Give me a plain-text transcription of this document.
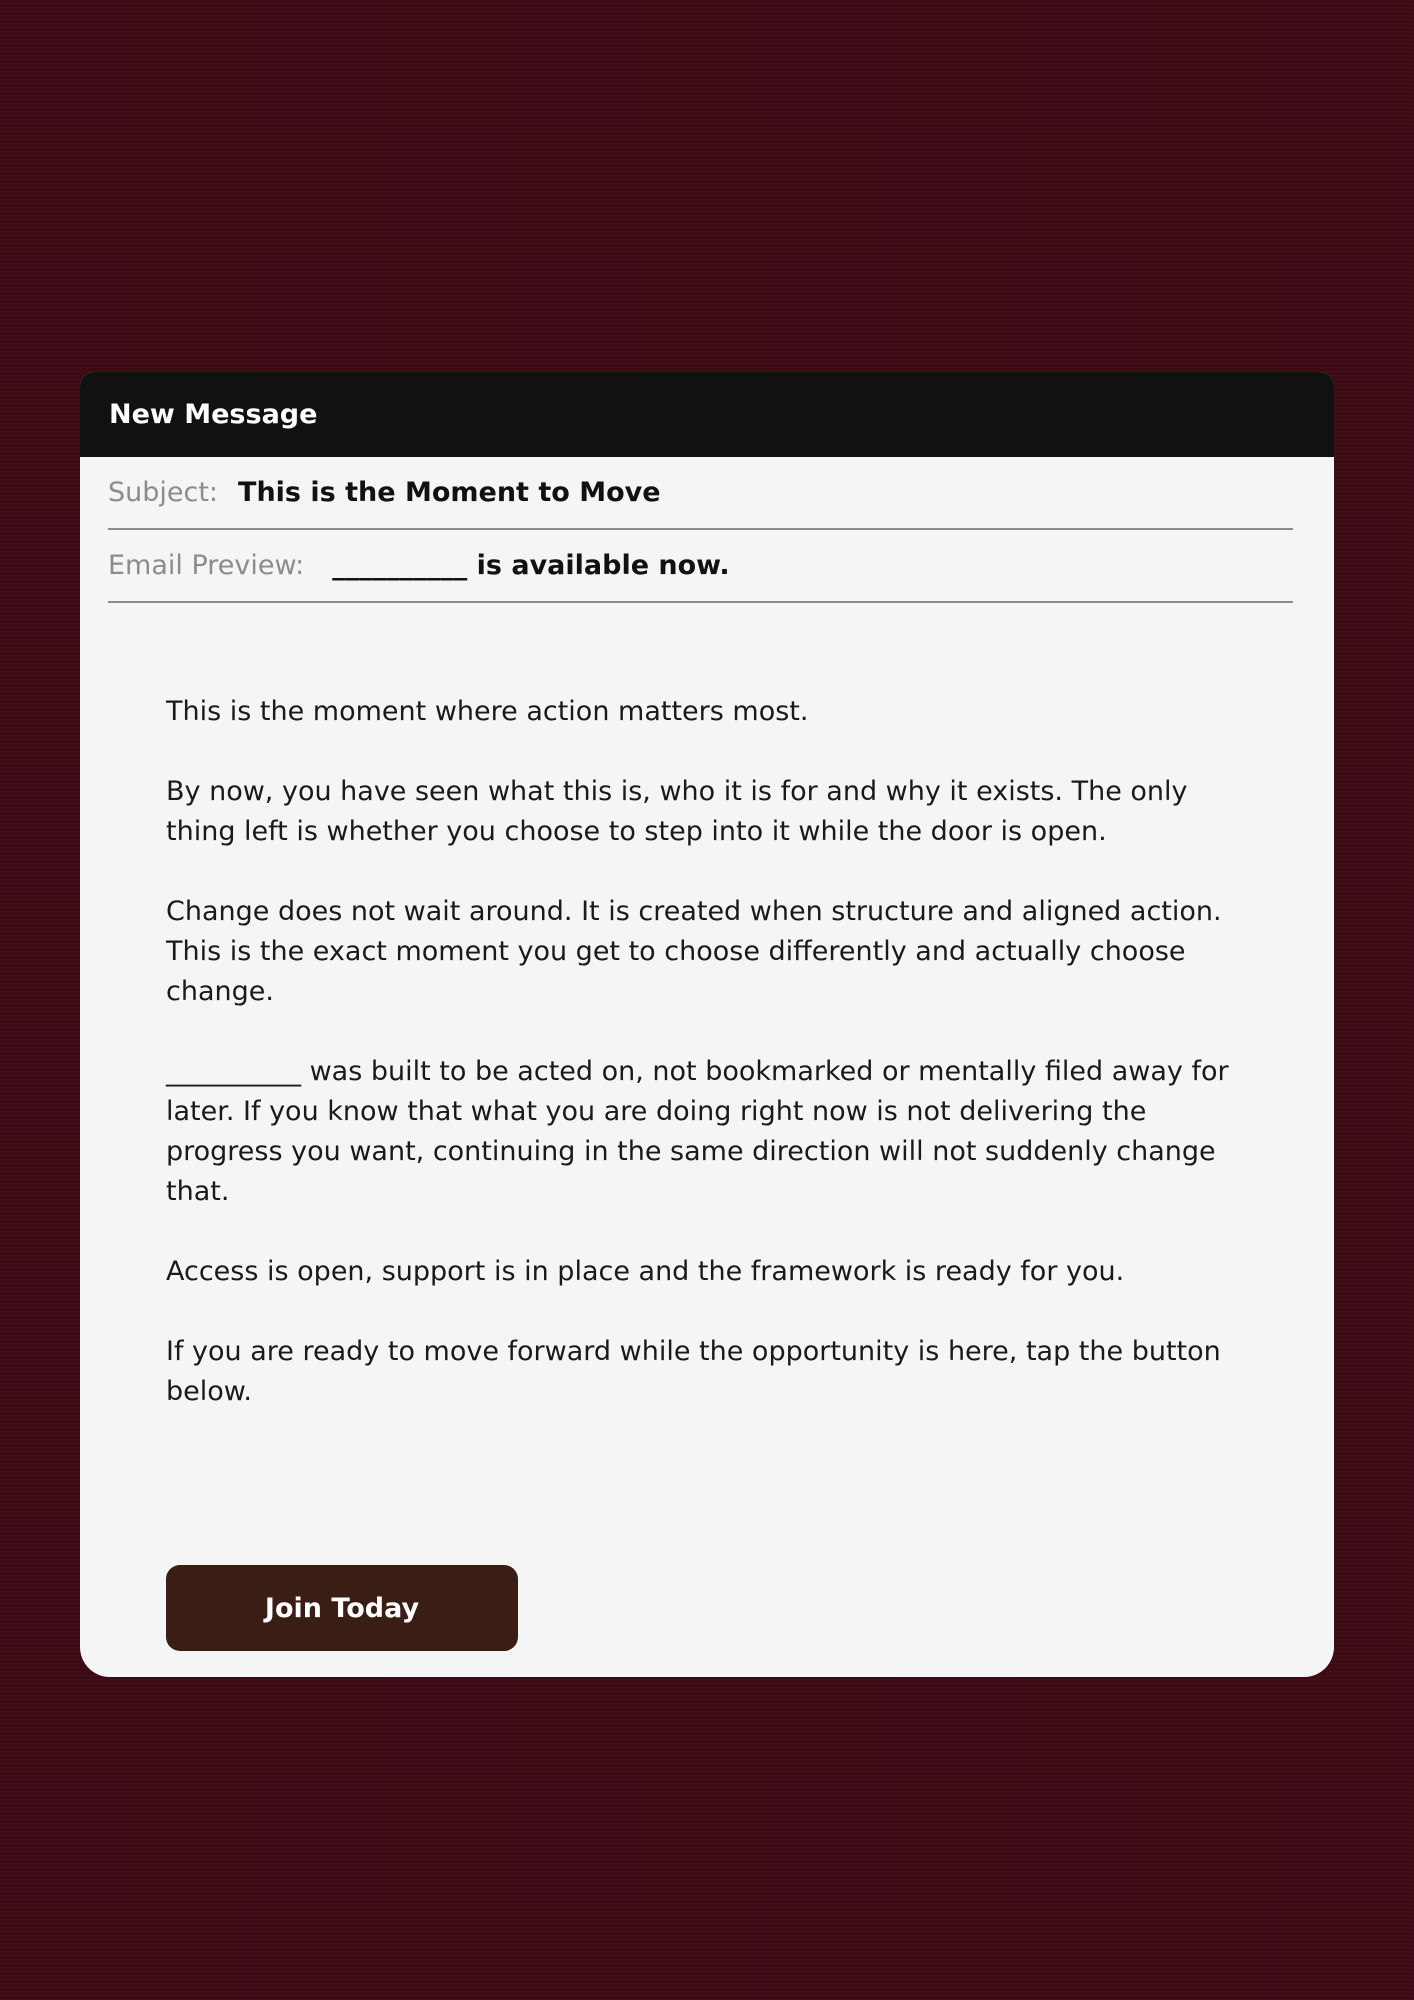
New Message
Subject: This is the Moment to Move
Email Preview: __________ is available now.

This is the moment where action matters most.

By now, you have seen what this is, who it is for and why it exists. The only thing left is whether you choose to step into it while the door is open.

Change does not wait around. It is created when structure and aligned action. This is the exact moment you get to choose differently and actually choose change.

__________ was built to be acted on, not bookmarked or mentally filed away for later. If you know that what you are doing right now is not delivering the progress you want, continuing in the same direction will not suddenly change that.

Access is open, support is in place and the framework is ready for you.

If you are ready to move forward while the opportunity is here, tap the button below.

Join Today
